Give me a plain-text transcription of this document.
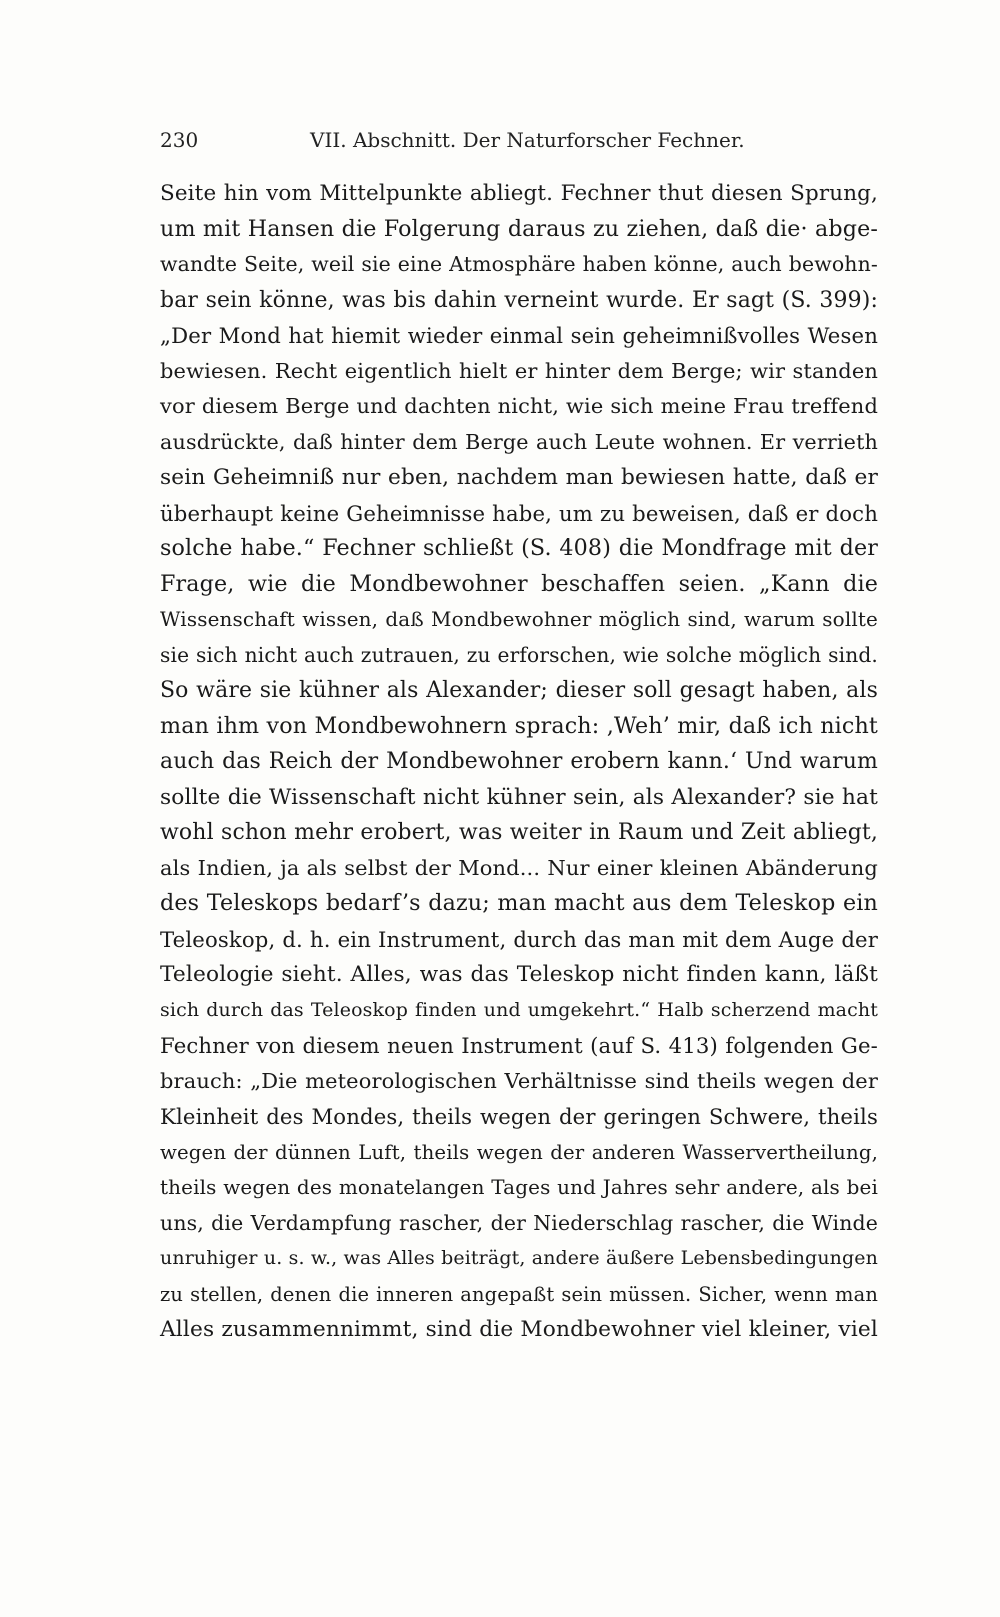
230	VII. Abschnitt. Der Naturforscher Fechner.
Seite hin vom Mittelpunkte abliegt. Fechner thut diesen Sprung,
um mit Hansen die Folgerung daraus zu ziehen, daß die· abge-
wandte Seite, weil sie eine Atmosphäre haben könne, auch bewohn-
bar sein könne, was bis dahin verneint wurde. Er sagt (S. 399):
„Der Mond hat hiemit wieder einmal sein geheimnißvolles Wesen
bewiesen. Recht eigentlich hielt er hinter dem Berge; wir standen
vor diesem Berge und dachten nicht, wie sich meine Frau treffend
ausdrückte, daß hinter dem Berge auch Leute wohnen. Er verrieth
sein Geheimniß nur eben, nachdem man bewiesen hatte, daß er
überhaupt keine Geheimnisse habe, um zu beweisen, daß er doch
solche habe.“ Fechner schließt (S. 408) die Mondfrage mit der
Frage, wie die Mondbewohner beschaffen seien. „Kann die
Wissenschaft wissen, daß Mondbewohner möglich sind, warum sollte
sie sich nicht auch zutrauen, zu erforschen, wie solche möglich sind.
So wäre sie kühner als Alexander; dieser soll gesagt haben, als
man ihm von Mondbewohnern sprach: ‚Weh’ mir, daß ich nicht
auch das Reich der Mondbewohner erobern kann.‘ Und warum
sollte die Wissenschaft nicht kühner sein, als Alexander? sie hat
wohl schon mehr erobert, was weiter in Raum und Zeit abliegt,
als Indien, ja als selbst der Mond... Nur einer kleinen Abänderung
des Teleskops bedarf’s dazu; man macht aus dem Teleskop ein
Teleoskop, d. h. ein Instrument, durch das man mit dem Auge der
Teleologie sieht. Alles, was das Teleskop nicht finden kann, läßt
sich durch das Teleoskop finden und umgekehrt.“ Halb scherzend macht
Fechner von diesem neuen Instrument (auf S. 413) folgenden Ge-
brauch: „Die meteorologischen Verhältnisse sind theils wegen der
Kleinheit des Mondes, theils wegen der geringen Schwere, theils
wegen der dünnen Luft, theils wegen der anderen Wasservertheilung,
theils wegen des monatelangen Tages und Jahres sehr andere, als bei
uns, die Verdampfung rascher, der Niederschlag rascher, die Winde
unruhiger u. s. w., was Alles beiträgt, andere äußere Lebensbedingungen
zu stellen, denen die inneren angepaßt sein müssen. Sicher, wenn man
Alles zusammennimmt, sind die Mondbewohner viel kleiner, viel
